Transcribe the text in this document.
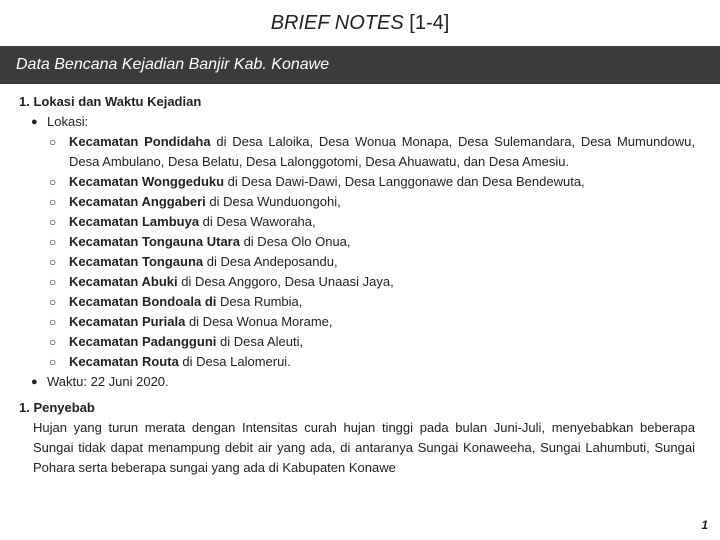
BRIEF NOTES [1-4]
Data Bencana Kejadian Banjir Kab. Konawe
1. Lokasi dan Waktu Kejadian
● Lokasi:
○ Kecamatan Pondidaha di Desa Laloika, Desa Wonua Monapa, Desa Sulemandara, Desa Mumundowu, Desa Ambulano, Desa Belatu, Desa Lalonggotomi, Desa Ahuawatu, dan Desa Amesiu.
○ Kecamatan Wonggeduku di Desa Dawi-Dawi, Desa Langgonawe dan Desa Bendewuta,
○ Kecamatan Anggaberi di Desa Wunduongohi,
○ Kecamatan Lambuya di Desa Waworaha,
○ Kecamatan Tongauna Utara di Desa Olo Onua,
○ Kecamatan Tongauna di Desa Andeposandu,
○ Kecamatan Abuki di Desa Anggoro, Desa Unaasi Jaya,
○ Kecamatan Bondoala di Desa Rumbia,
○ Kecamatan Puriala di Desa Wonua Morame,
○ Kecamatan Padangguni di Desa Aleuti,
○ Kecamatan Routa di Desa Lalomerui.
● Waktu: 22 Juni 2020.
1. Penyebab
Hujan yang turun merata dengan Intensitas curah hujan tinggi pada bulan Juni-Juli, menyebabkan beberapa Sungai tidak dapat menampung debit air yang ada, di antaranya Sungai Konaweeha, Sungai Lahumbuti, Sungai Pohara serta beberapa sungai yang ada di Kabupaten Konawe
1
